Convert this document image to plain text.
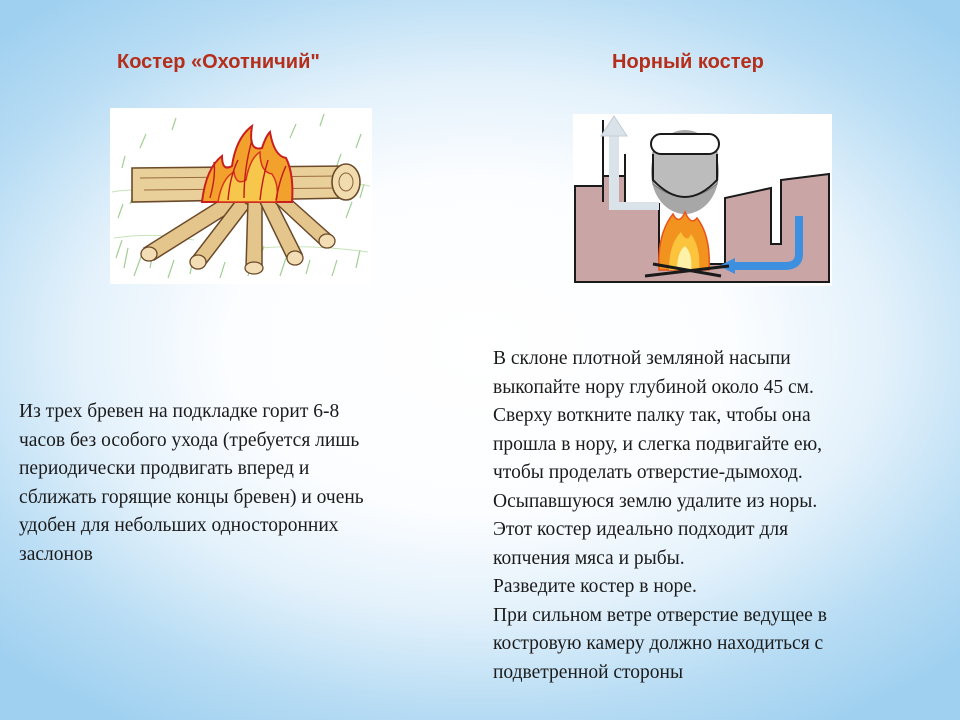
Костер «Охотничий"	Норный костер

Из трех бревен на подкладке горит 6-8
часов без особого ухода (требуется лишь
периодически продвигать вперед и
сближать горящие концы бревен) и очень
удобен для небольших односторонних
заслонов

В склоне плотной земляной насыпи
выкопайте нору глубиной около 45 см.
Сверху воткните палку так, чтобы она
прошла в нору, и слегка подвигайте ею,
чтобы проделать отверстие-дымоход.
Осыпавшуюся землю удалите из норы.
Этот костер идеально подходит для
копчения мяса и рыбы.
Разведите костер в норе.
При сильном ветре отверстие ведущее в
костровую камеру должно находиться с
подветренной стороны
